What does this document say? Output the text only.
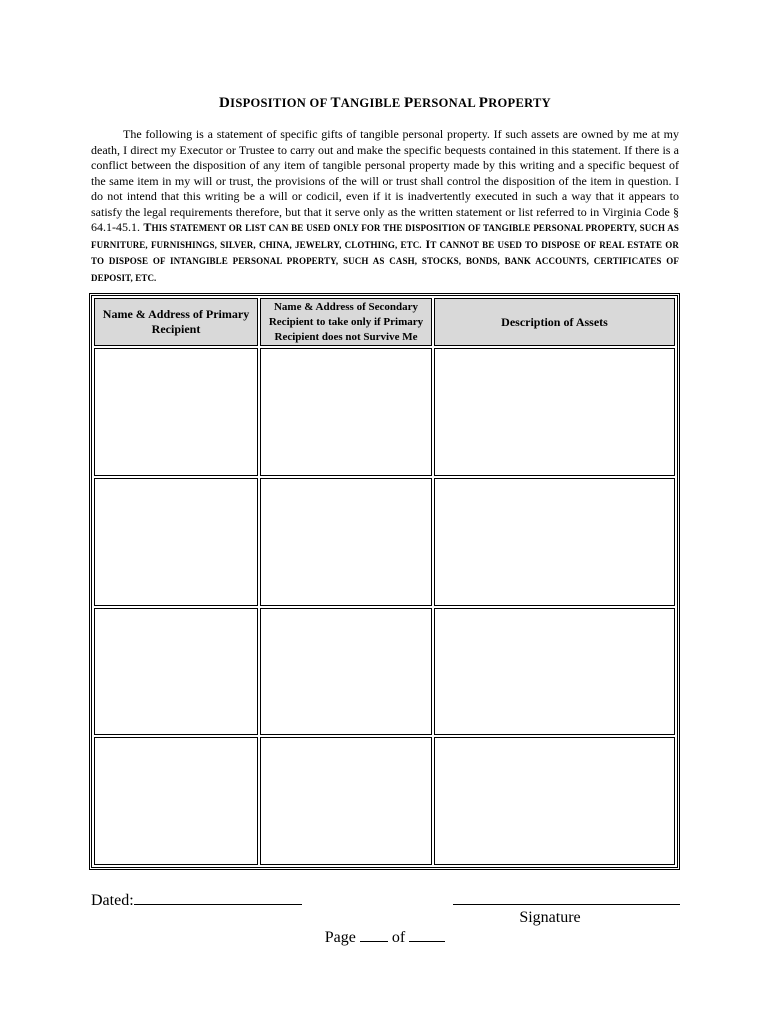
DISPOSITION OF TANGIBLE PERSONAL PROPERTY
The following is a statement of specific gifts of tangible personal property. If such assets are owned by me at my death, I direct my Executor or Trustee to carry out and make the specific bequests contained in this statement. If there is a conflict between the disposition of any item of tangible personal property made by this writing and a specific bequest of the same item in my will or trust, the provisions of the will or trust shall control the disposition of the item in question. I do not intend that this writing be a will or codicil, even if it is inadvertently executed in such a way that it appears to satisfy the legal requirements therefore, but that it serve only as the written statement or list referred to in Virginia Code § 64.1-45.1. THIS STATEMENT OR LIST CAN BE USED ONLY FOR THE DISPOSITION OF TANGIBLE PERSONAL PROPERTY, SUCH AS FURNITURE, FURNISHINGS, SILVER, CHINA, JEWELRY, CLOTHING, ETC. IT CANNOT BE USED TO DISPOSE OF REAL ESTATE OR TO DISPOSE OF INTANGIBLE PERSONAL PROPERTY, SUCH AS CASH, STOCKS, BONDS, BANK ACCOUNTS, CERTIFICATES OF DEPOSIT, ETC.
Name & Address of Primary Recipient	Name & Address of Secondary Recipient to take only if Primary Recipient does not Survive Me	Description of Assets

Dated:
Signature
Page of
